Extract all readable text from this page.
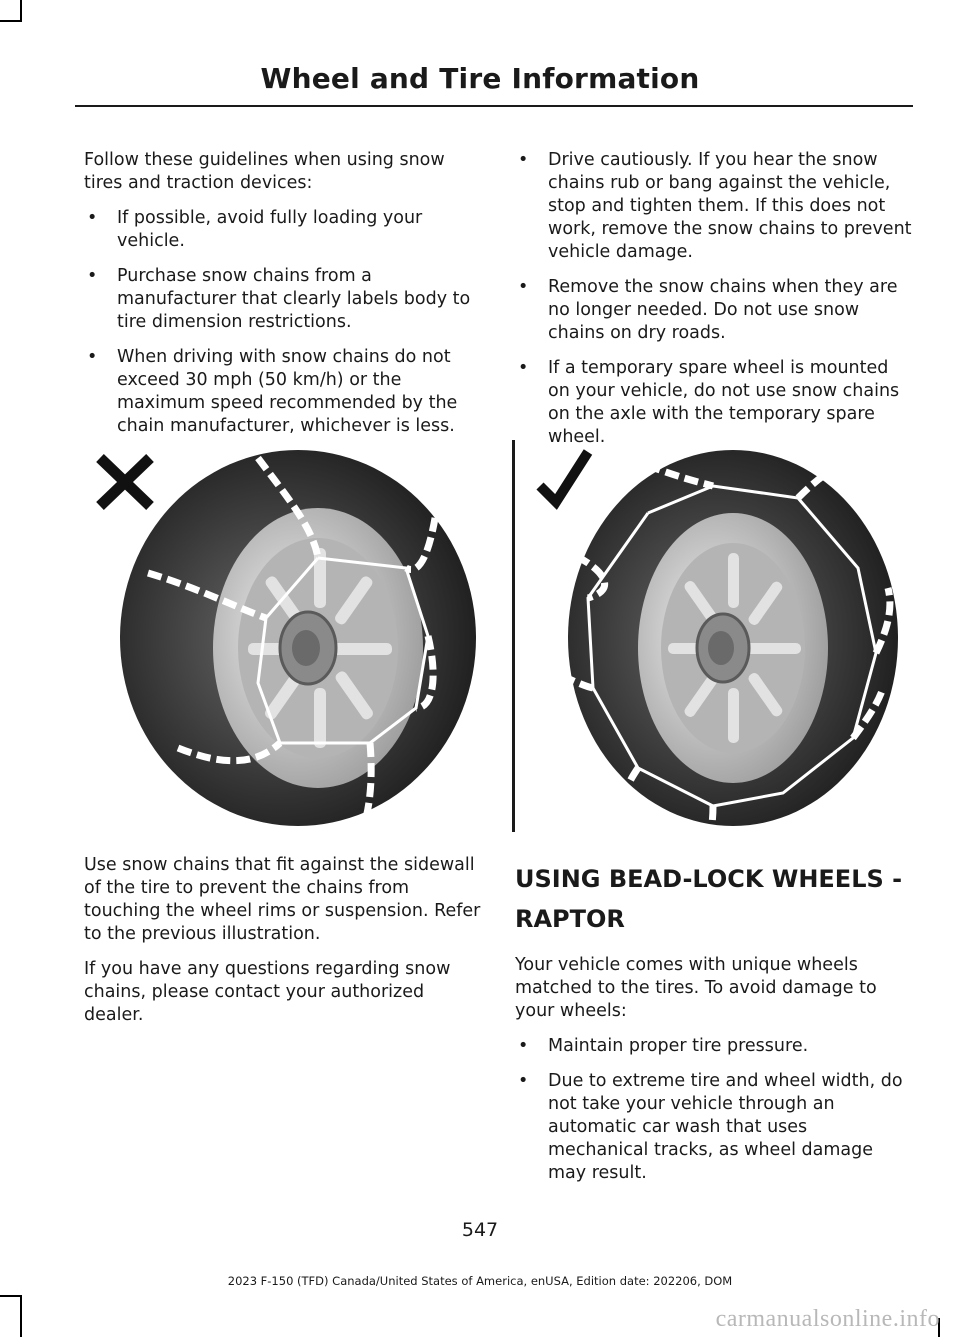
Wheel and Tire Information

Follow these guidelines when using snow tires and traction devices:

• If possible, avoid fully loading your vehicle.
• Purchase snow chains from a manufacturer that clearly labels body to tire dimension restrictions.
• When driving with snow chains do not exceed 30 mph (50 km/h) or the maximum speed recommended by the chain manufacturer, whichever is less.
• Drive cautiously. If you hear the snow chains rub or bang against the vehicle, stop and tighten them. If this does not work, remove the snow chains to prevent vehicle damage.
• Remove the snow chains when they are no longer needed. Do not use snow chains on dry roads.
• If a temporary spare wheel is mounted on your vehicle, do not use snow chains on the axle with the temporary spare wheel.

Use snow chains that fit against the sidewall of the tire to prevent the chains from touching the wheel rims or suspension. Refer to the previous illustration.

If you have any questions regarding snow chains, please contact your authorized dealer.

USING BEAD-LOCK WHEELS -
RAPTOR

Your vehicle comes with unique wheels matched to the tires. To avoid damage to your wheels:

• Maintain proper tire pressure.
• Due to extreme tire and wheel width, do not take your vehicle through an automatic car wash that uses mechanical tracks, as wheel damage may result.
547
2023 F-150 (TFD) Canada/United States of America, enUSA, Edition date: 202206, DOM
carmanualsonline.info
